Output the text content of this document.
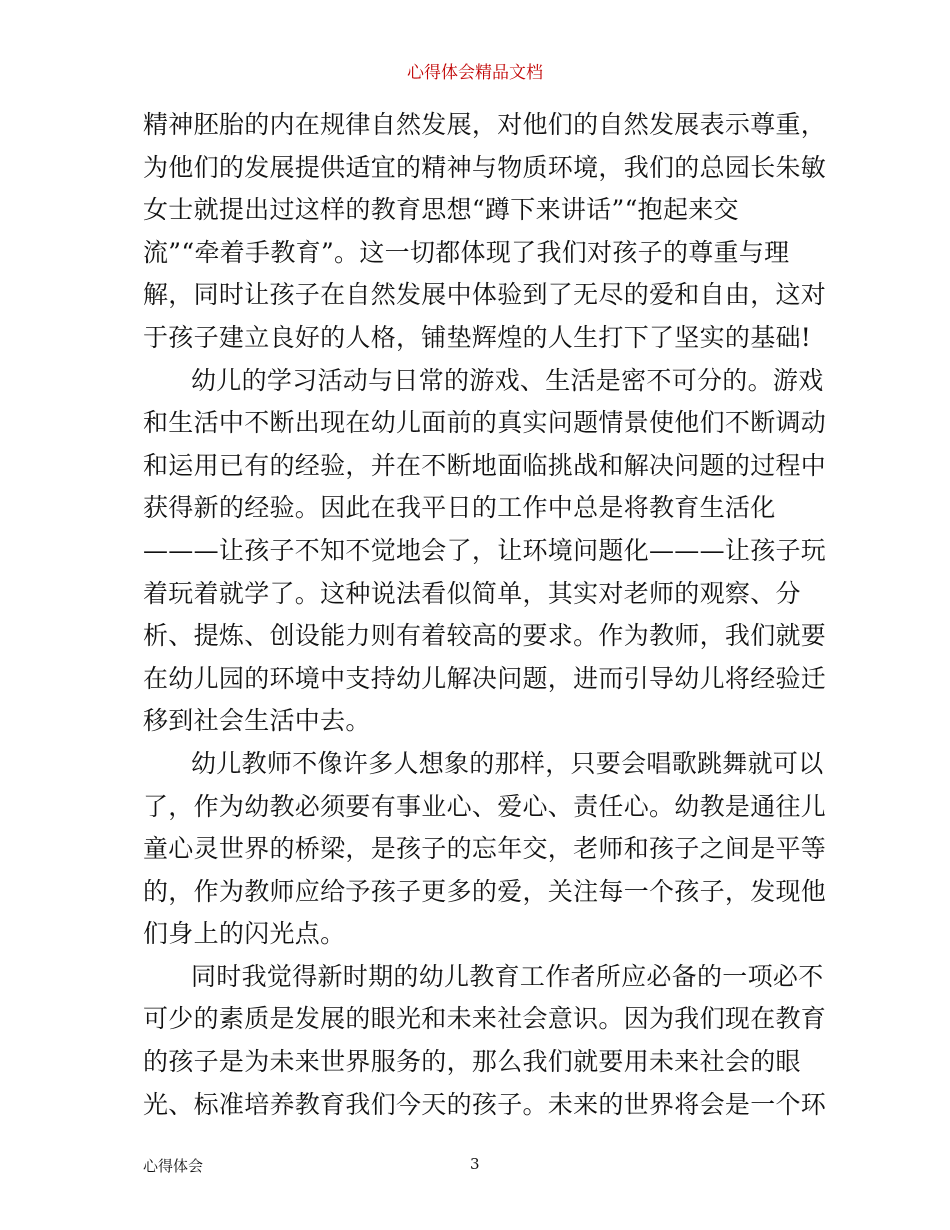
心得体会精品文档
精神胚胎的内在规律自然发展，对他们的自然发展表示尊重，
为他们的发展提供适宜的精神与物质环境，我们的总园长朱敏
女士就提出过这样的教育思想“蹲下来讲话”“抱起来交
流”“牵着手教育”。这一切都体现了我们对孩子的尊重与理
解，同时让孩子在自然发展中体验到了无尽的爱和自由，这对
于孩子建立良好的人格，铺垫辉煌的人生打下了坚实的基础!
幼儿的学习活动与日常的游戏、生活是密不可分的。游戏
和生活中不断出现在幼儿面前的真实问题情景使他们不断调动
和运用已有的经验，并在不断地面临挑战和解决问题的过程中
获得新的经验。因此在我平日的工作中总是将教育生活化
———让孩子不知不觉地会了，让环境问题化———让孩子玩
着玩着就学了。这种说法看似简单，其实对老师的观察、分
析、提炼、创设能力则有着较高的要求。作为教师，我们就要
在幼儿园的环境中支持幼儿解决问题，进而引导幼儿将经验迁
移到社会生活中去。
幼儿教师不像许多人想象的那样，只要会唱歌跳舞就可以
了，作为幼教必须要有事业心、爱心、责任心。幼教是通往儿
童心灵世界的桥梁，是孩子的忘年交，老师和孩子之间是平等
的，作为教师应给予孩子更多的爱，关注每一个孩子，发现他
们身上的闪光点。
同时我觉得新时期的幼儿教育工作者所应必备的一项必不
可少的素质是发展的眼光和未来社会意识。因为我们现在教育
的孩子是为未来世界服务的，那么我们就要用未来社会的眼
光、标准培养教育我们今天的孩子。未来的世界将会是一个环
心得体会	3
